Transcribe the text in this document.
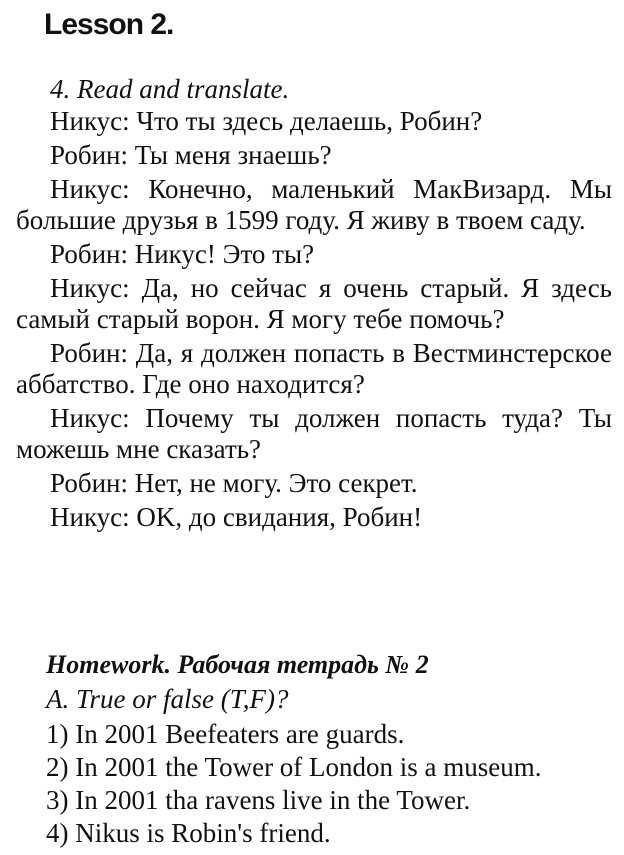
Lesson 2.
4. Read and translate.

Никус: Что ты здесь делаешь, Робин?

Робин: Ты меня знаешь?

Никус: Конечно, маленький МакВизард. Мы большие друзья в 1599 году. Я живу в твоем саду.

Робин: Никус! Это ты?

Никус: Да, но сейчас я очень старый. Я здесь самый старый ворон. Я могу тебе помочь?

Робин: Да, я должен попасть в Вестминстерское аббатство. Где оно находится?

Никус: Почему ты должен попасть туда? Ты можешь мне сказать?

Робин: Нет, не могу. Это секрет.

Никус: OK, до свидания, Робин!

Homework. Рабочая тетрадь № 2
A. True or false (T,F)?
1) In 2001 Beefeaters are guards.
2) In 2001 the Tower of London is a museum.
3) In 2001 tha ravens live in the Tower.
4) Nikus is Robin's friend.
